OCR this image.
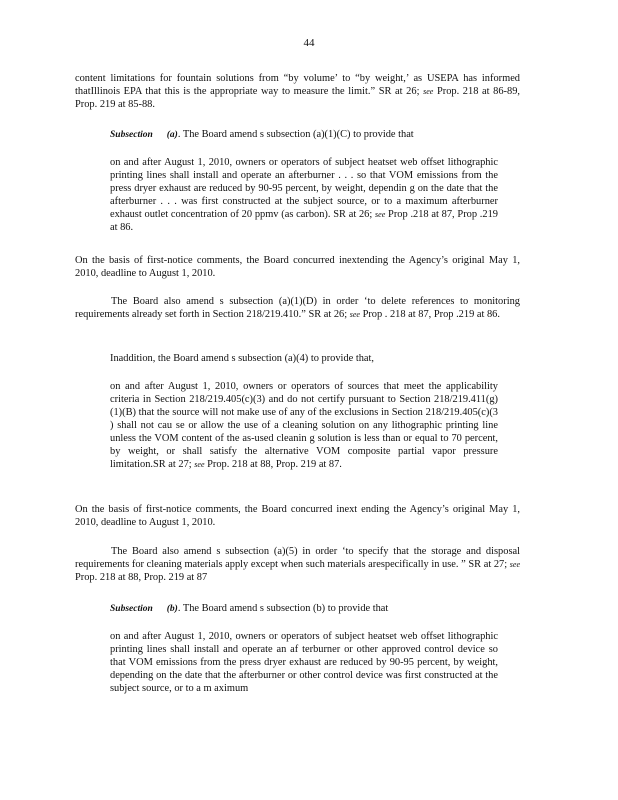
44

content limitations for fountain solutions from “by volume’ to “by weight,’ as USEPA has informed thatIllinois EPA that this is the appropriate way to measure the limit.” SR at 26; see Prop. 218 at 86-89, Prop. 219 at 85-88.

Subsection (a). The Board amend s subsection (a)(1)(C) to provide that

on and after August 1, 2010, owners or operators of subject heatset web offset lithographic printing lines shall install and operate an afterburner . . . so that VOM emissions from the press dryer exhaust are reduced by 90-95 percent, by weight, dependin g on the date that the afterburner . . . was first constructed at the subject source, or to a maximum afterburner exhaust outlet concentration of 20 ppmv (as carbon). SR at 26; see Prop .218 at 87, Prop .219 at 86.

On the basis of first-notice comments, the Board concurred inextending the Agency’s original May 1, 2010, deadline to August 1, 2010.

The Board also amend s subsection (a)(1)(D) in order ‘to delete references to monitoring requirements already set forth in Section 218/219.410.” SR at 26; see Prop . 218 at 87, Prop .219 at 86.

Inaddition, the Board amend s subsection (a)(4) to provide that,

on and after August 1, 2010, owners or operators of sources that meet the applicability criteria in Section 218/219.405(c)(3) and do not certify pursuant to Section 218/219.411(g)(1)(B) that the source will not make use of any of the exclusions in Section 218/219.405(c)(3 ) shall not cau se or allow the use of a cleaning solution on any lithographic printing line unless the VOM content of the as-used cleanin g solution is less than or equal to 70 percent, by weight, or shall satisfy the alternative VOM composite partial vapor pressure limitation.SR at 27; see Prop. 218 at 88, Prop. 219 at 87.

On the basis of first-notice comments, the Board concurred inext ending the Agency’s original May 1, 2010, deadline to August 1, 2010.

The Board also amend s subsection (a)(5) in order ‘to specify that the storage and disposal requirements for cleaning materials apply except when such materials arespecifically in use. ” SR at 27; see Prop. 218 at 88, Prop. 219 at 87

Subsection (b). The Board amend s subsection (b) to provide that

on and after August 1, 2010, owners or operators of subject heatset web offset lithographic printing lines shall install and operate an af terburner or other approved control device so that VOM emissions from the press dryer exhaust are reduced by 90-95 percent, by weight, depending on the date that the afterburner or other control device was first constructed at the subject source, or to a m aximum
